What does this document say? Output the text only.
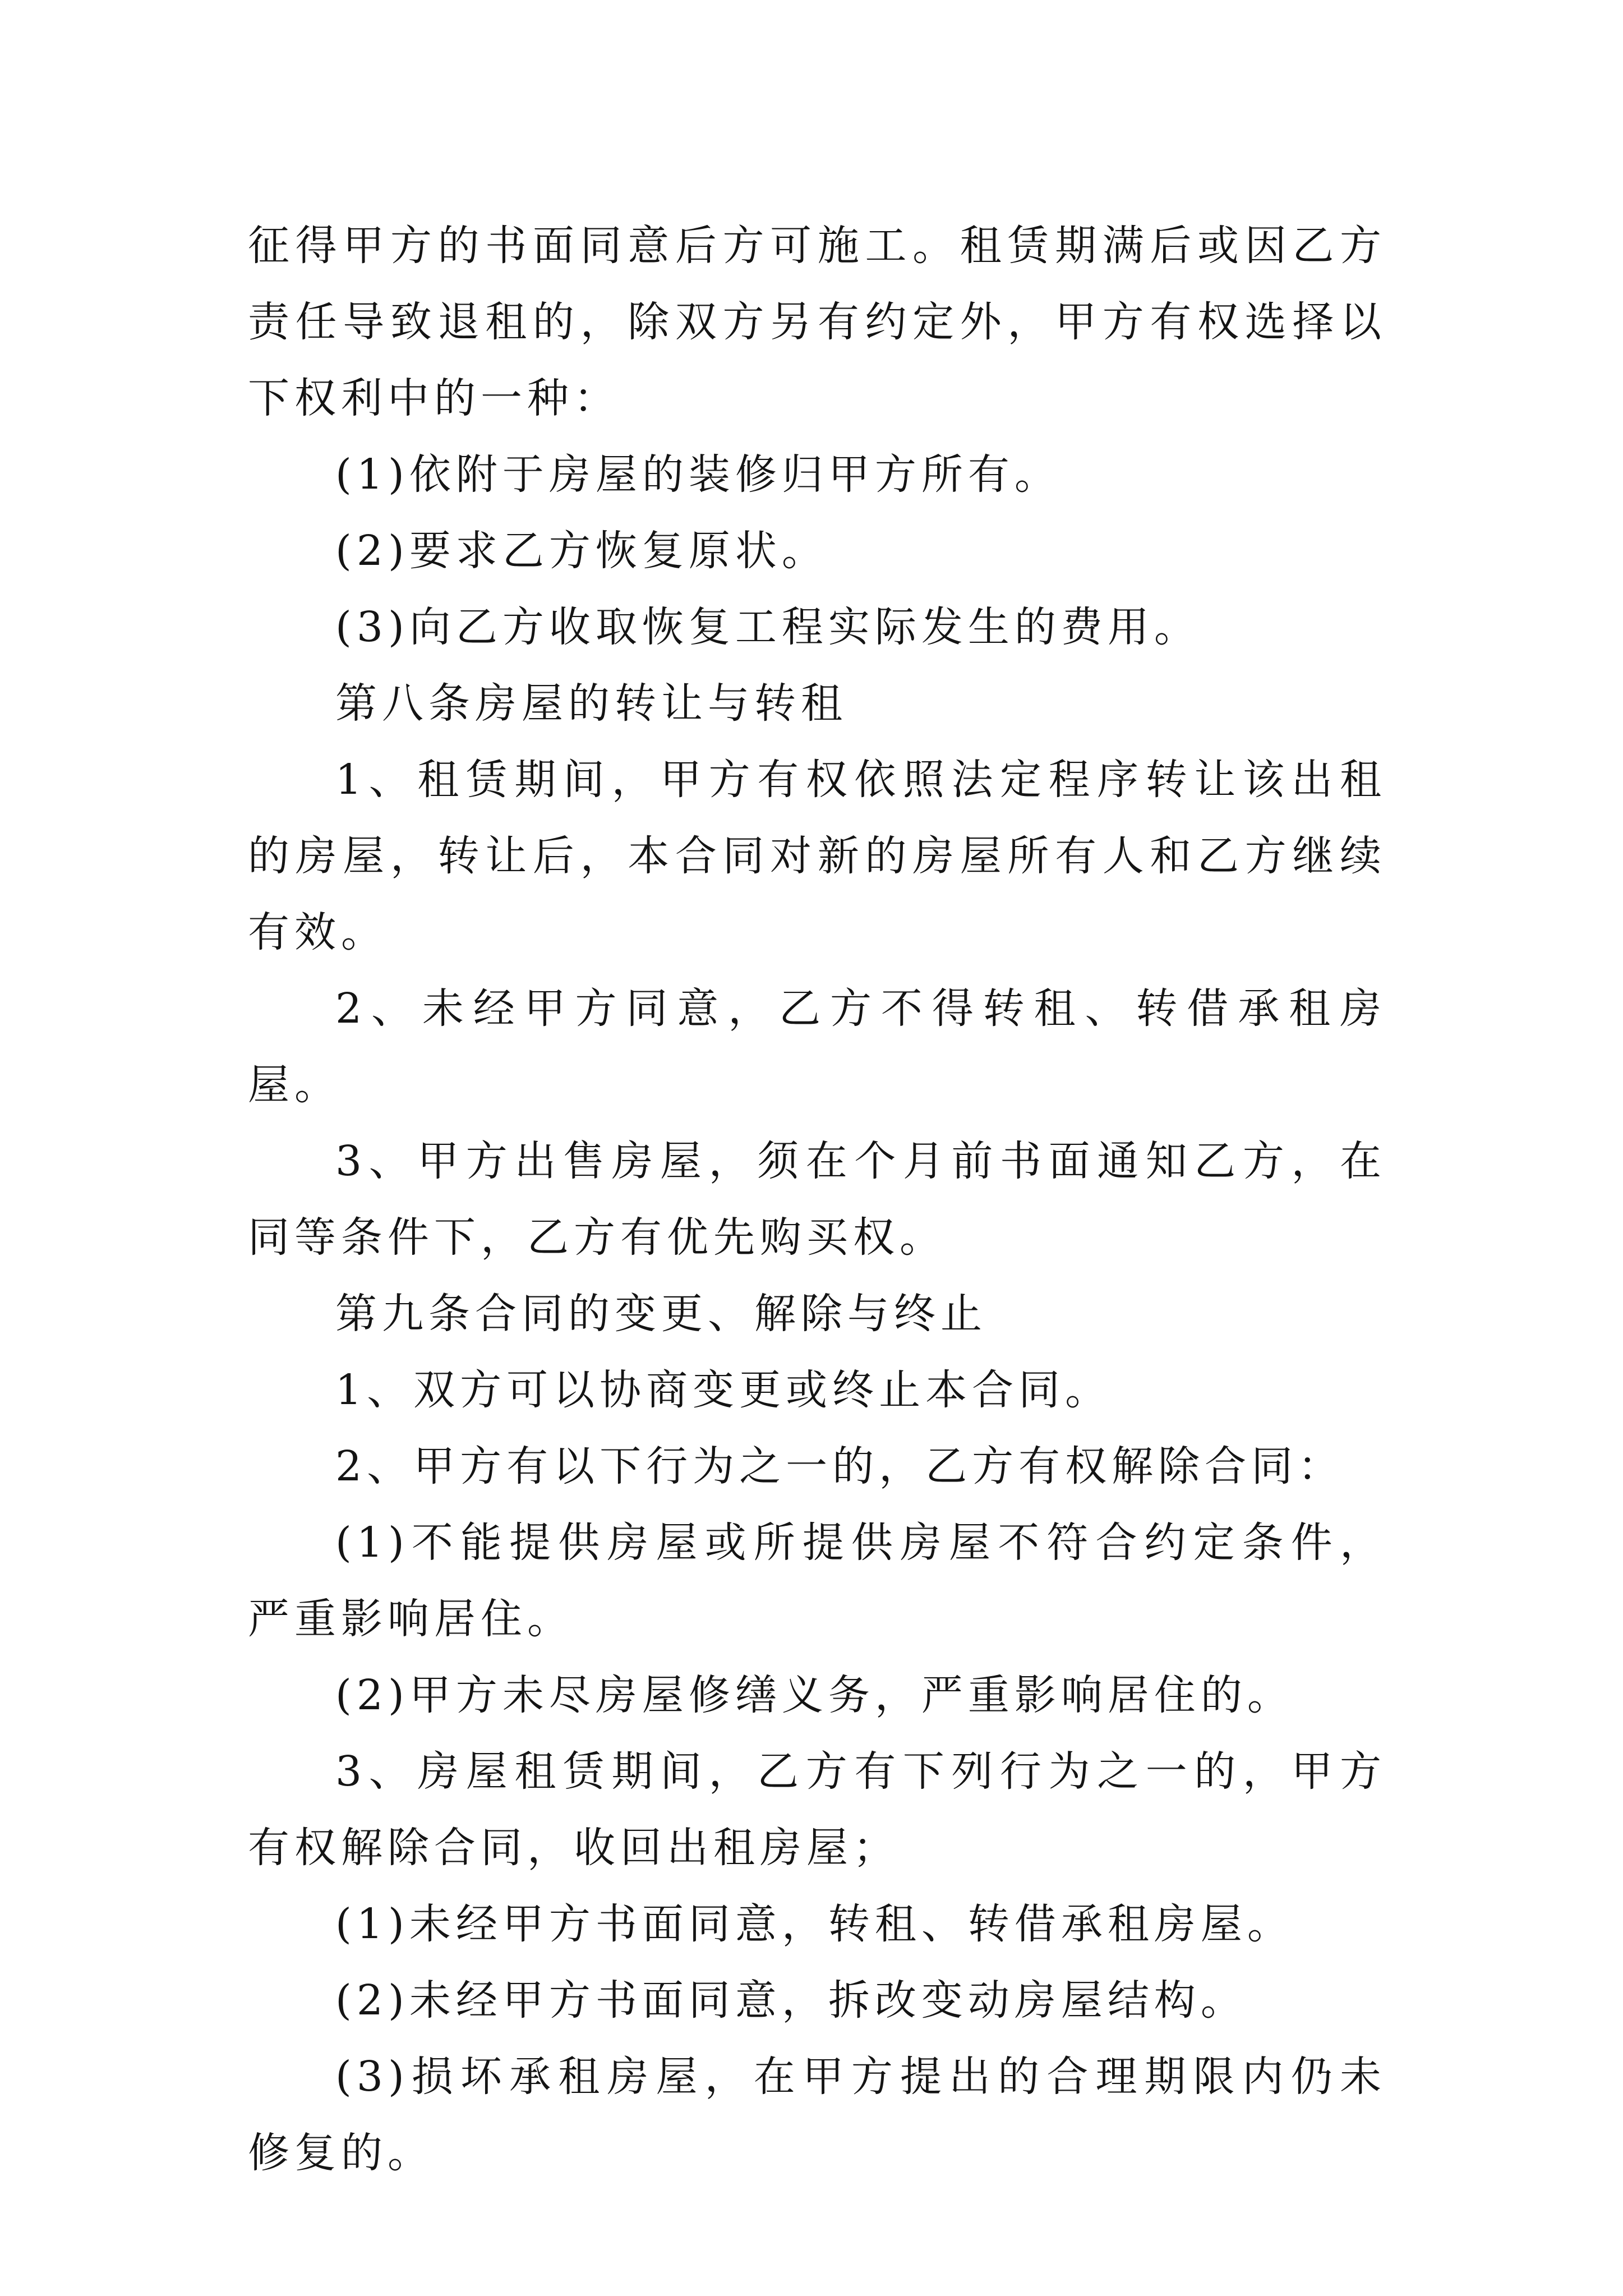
征得甲方的书面同意后方可施工。租赁期满后或因乙方责任导致退租的，除双方另有约定外，甲方有权选择以下权利中的一种：

(1)依附于房屋的装修归甲方所有。

(2)要求乙方恢复原状。

(3)向乙方收取恢复工程实际发生的费用。

第八条房屋的转让与转租

1、租赁期间，甲方有权依照法定程序转让该出租的房屋，转让后，本合同对新的房屋所有人和乙方继续有效。

2、未经甲方同意，乙方不得转租、转借承租房屋。

3、甲方出售房屋，须在个月前书面通知乙方，在同等条件下，乙方有优先购买权。

第九条合同的变更、解除与终止

1、双方可以协商变更或终止本合同。

2、甲方有以下行为之一的，乙方有权解除合同：

(1)不能提供房屋或所提供房屋不符合约定条件，严重影响居住。

(2)甲方未尽房屋修缮义务，严重影响居住的。

3、房屋租赁期间，乙方有下列行为之一的，甲方有权解除合同，收回出租房屋；

(1)未经甲方书面同意，转租、转借承租房屋。

(2)未经甲方书面同意，拆改变动房屋结构。

(3)损坏承租房屋，在甲方提出的合理期限内仍未修复的。
